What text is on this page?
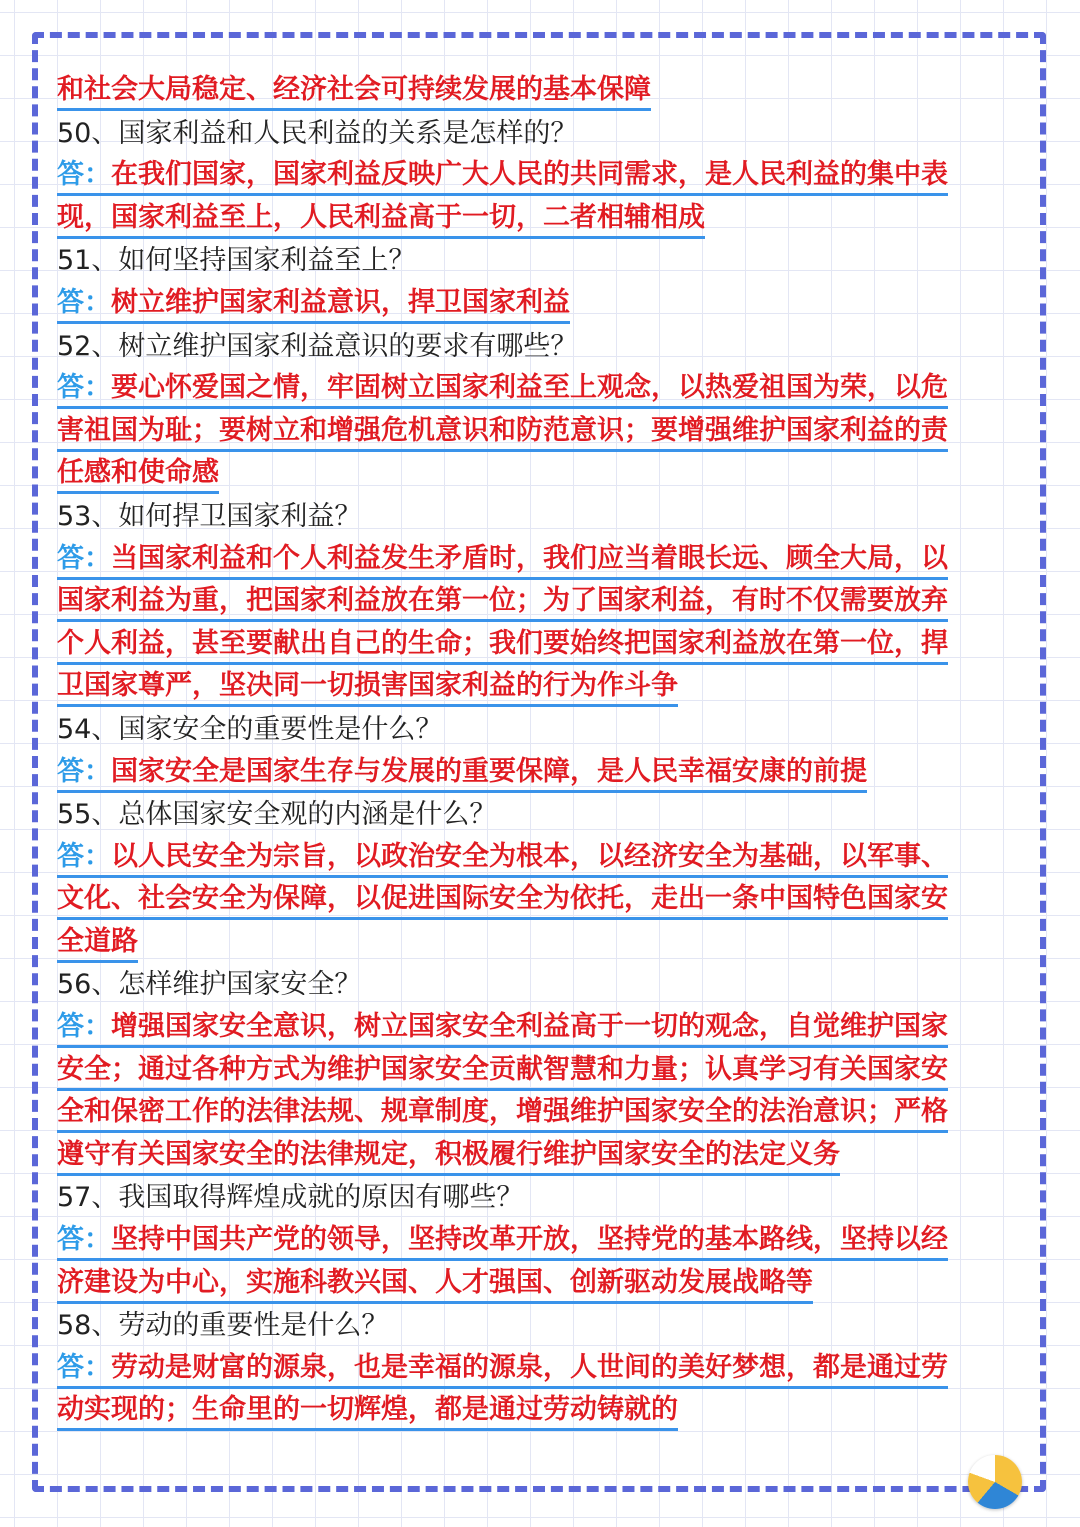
和社会大局稳定、经济社会可持续发展的基本保障
50、国家利益和人民利益的关系是怎样的？
答：在我们国家，国家利益反映广大人民的共同需求，是人民利益的集中表
现，国家利益至上，人民利益高于一切，二者相辅相成
51、如何坚持国家利益至上？
答：树立维护国家利益意识，捍卫国家利益
52、树立维护国家利益意识的要求有哪些？
答：要心怀爱国之情，牢固树立国家利益至上观念，以热爱祖国为荣，以危
害祖国为耻；要树立和增强危机意识和防范意识；要增强维护国家利益的责
任感和使命感
53、如何捍卫国家利益？
答：当国家利益和个人利益发生矛盾时，我们应当着眼长远、顾全大局，以
国家利益为重，把国家利益放在第一位；为了国家利益，有时不仅需要放弃
个人利益，甚至要献出自己的生命；我们要始终把国家利益放在第一位，捍
卫国家尊严，坚决同一切损害国家利益的行为作斗争
54、国家安全的重要性是什么？
答：国家安全是国家生存与发展的重要保障，是人民幸福安康的前提
55、总体国家安全观的内涵是什么？
答：以人民安全为宗旨，以政治安全为根本，以经济安全为基础，以军事、
文化、社会安全为保障，以促进国际安全为依托，走出一条中国特色国家安
全道路
56、怎样维护国家安全？
答：增强国家安全意识，树立国家安全利益高于一切的观念，自觉维护国家
安全；通过各种方式为维护国家安全贡献智慧和力量；认真学习有关国家安
全和保密工作的法律法规、规章制度，增强维护国家安全的法治意识；严格
遵守有关国家安全的法律规定，积极履行维护国家安全的法定义务
57、我国取得辉煌成就的原因有哪些？
答：坚持中国共产党的领导，坚持改革开放，坚持党的基本路线，坚持以经
济建设为中心，实施科教兴国、人才强国、创新驱动发展战略等
58、劳动的重要性是什么？
答：劳动是财富的源泉，也是幸福的源泉，人世间的美好梦想，都是通过劳
动实现的；生命里的一切辉煌，都是通过劳动铸就的
